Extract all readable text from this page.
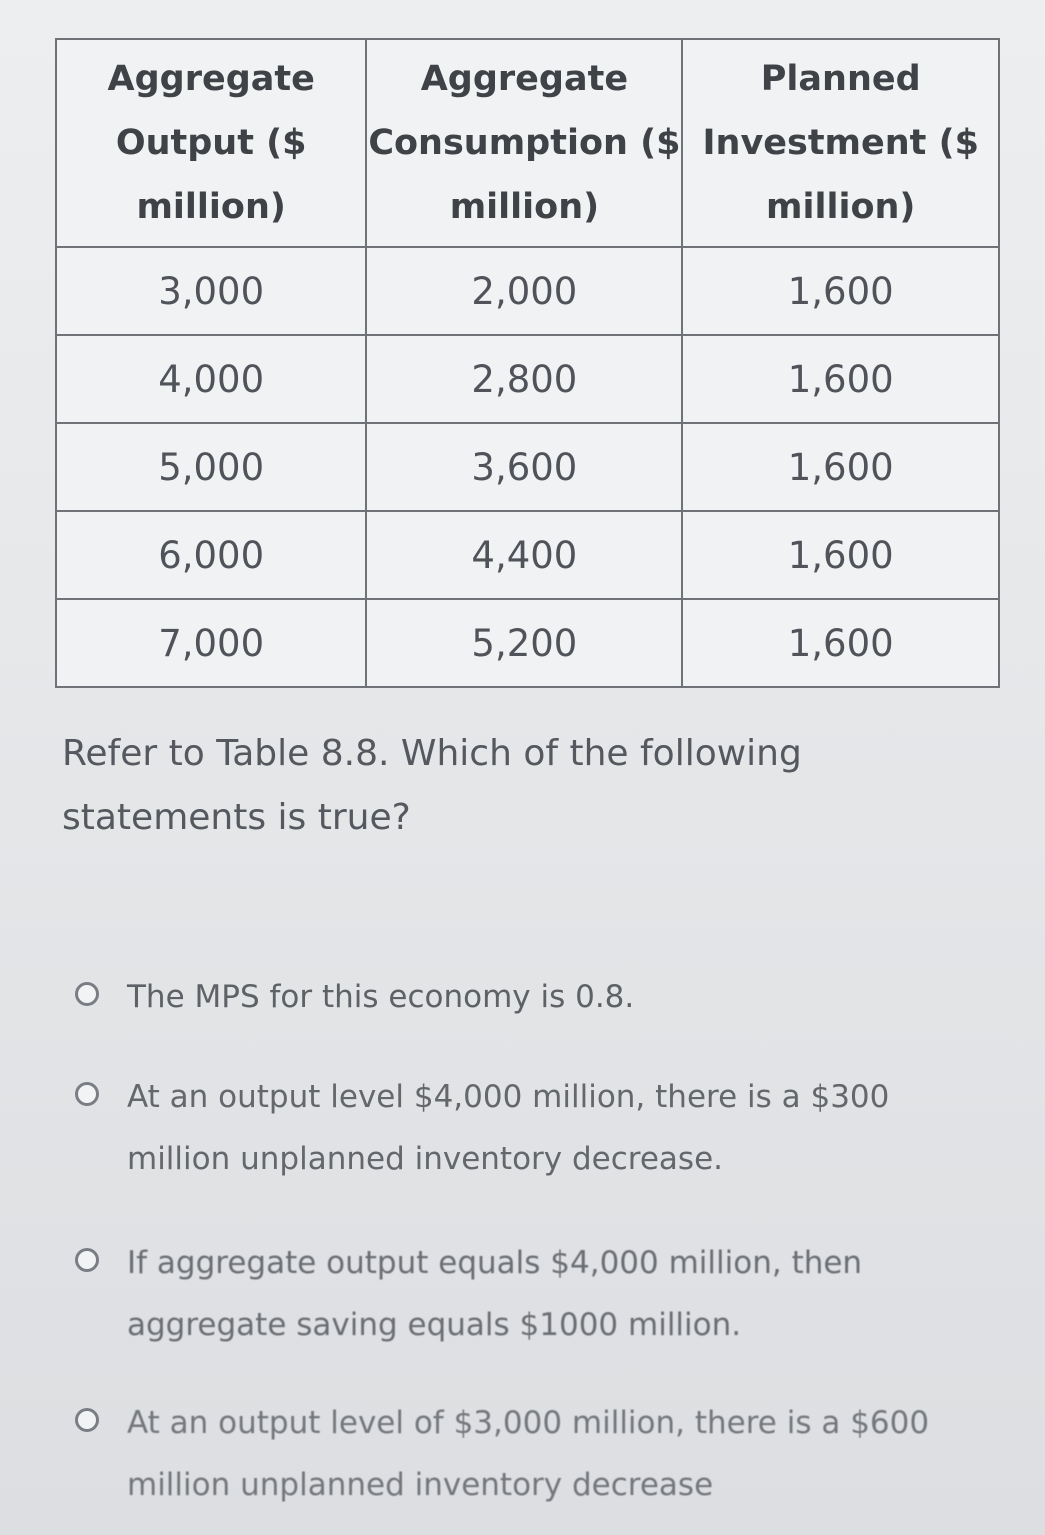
Aggregate Output ($ million)	Aggregate Consumption ($ million)	Planned Investment ($ million)
3,000	2,000	1,600
4,000	2,800	1,600
5,000	3,600	1,600
6,000	4,400	1,600
7,000	5,200	1,600
Refer to Table 8.8. Which of the following statements is true?
The MPS for this economy is 0.8.
At an output level $4,000 million, there is a $300 million unplanned inventory decrease.
If aggregate output equals $4,000 million, then aggregate saving equals $1000 million.
At an output level of $3,000 million, there is a $600 million unplanned inventory decrease
